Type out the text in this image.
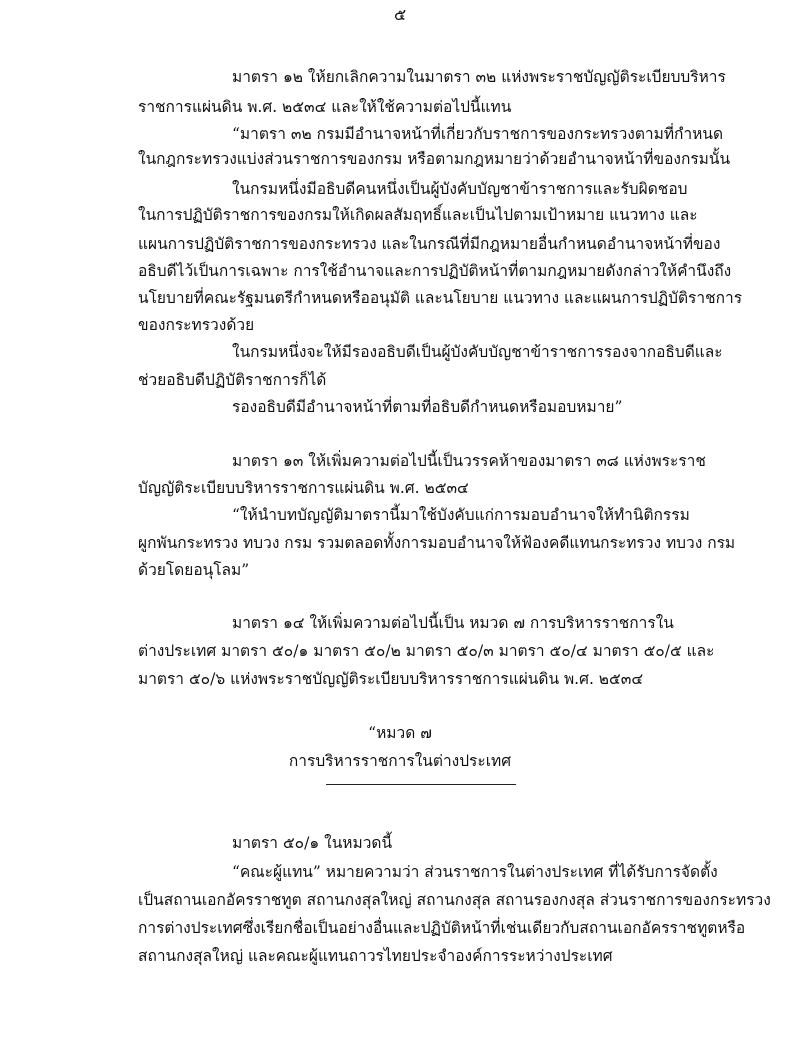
๕
มาตรา ๑๒ ให้ยกเลิกความในมาตรา ๓๒ แห่งพระราชบัญญัติระเบียบบริหาร
ราชการแผ่นดิน พ.ศ. ๒๕๓๔ และให้ใช้ความต่อไปนี้แทน
“มาตรา ๓๒ กรมมีอำนาจหน้าที่เกี่ยวกับราชการของกระทรวงตามที่กำหนด
ในกฎกระทรวงแบ่งส่วนราชการของกรม หรือตามกฎหมายว่าด้วยอำนาจหน้าที่ของกรมนั้น
ในกรมหนึ่งมีอธิบดีคนหนึ่งเป็นผู้บังคับบัญชาข้าราชการและรับผิดชอบ
ในการปฏิบัติราชการของกรมให้เกิดผลสัมฤทธิ์และเป็นไปตามเป้าหมาย แนวทาง และ
แผนการปฏิบัติราชการของกระทรวง และในกรณีที่มีกฎหมายอื่นกำหนดอำนาจหน้าที่ของ
อธิบดีไว้เป็นการเฉพาะ การใช้อำนาจและการปฏิบัติหน้าที่ตามกฎหมายดังกล่าวให้คำนึงถึง
นโยบายที่คณะรัฐมนตรีกำหนดหรืออนุมัติ และนโยบาย แนวทาง และแผนการปฏิบัติราชการ
ของกระทรวงด้วย
ในกรมหนึ่งจะให้มีรองอธิบดีเป็นผู้บังคับบัญชาข้าราชการรองจากอธิบดีและ
ช่วยอธิบดีปฏิบัติราชการก็ได้
รองอธิบดีมีอำนาจหน้าที่ตามที่อธิบดีกำหนดหรือมอบหมาย”
มาตรา ๑๓ ให้เพิ่มความต่อไปนี้เป็นวรรคห้าของมาตรา ๓๘ แห่งพระราช
บัญญัติระเบียบบริหารราชการแผ่นดิน พ.ศ. ๒๕๓๔
“ให้นำบทบัญญัติมาตรานี้มาใช้บังคับแก่การมอบอำนาจให้ทำนิติกรรม
ผูกพันกระทรวง ทบวง กรม รวมตลอดทั้งการมอบอำนาจให้ฟ้องคดีแทนกระทรวง ทบวง กรม
ด้วยโดยอนุโลม”
มาตรา ๑๔ ให้เพิ่มความต่อไปนี้เป็น หมวด ๗ การบริหารราชการใน
ต่างประเทศ มาตรา ๕๐/๑ มาตรา ๕๐/๒ มาตรา ๕๐/๓ มาตรา ๕๐/๔ มาตรา ๕๐/๕ และ
มาตรา ๕๐/๖ แห่งพระราชบัญญัติระเบียบบริหารราชการแผ่นดิน พ.ศ. ๒๕๓๔
“หมวด ๗
การบริหารราชการในต่างประเทศ
มาตรา ๕๐/๑ ในหมวดนี้
“คณะผู้แทน” หมายความว่า ส่วนราชการในต่างประเทศ ที่ได้รับการจัดตั้ง
เป็นสถานเอกอัครราชทูต สถานกงสุลใหญ่ สถานกงสุล สถานรองกงสุล ส่วนราชการของกระทรวง
การต่างประเทศซึ่งเรียกชื่อเป็นอย่างอื่นและปฏิบัติหน้าที่เช่นเดียวกับสถานเอกอัครราชทูตหรือ
สถานกงสุลใหญ่ และคณะผู้แทนถาวรไทยประจำองค์การระหว่างประเทศ
